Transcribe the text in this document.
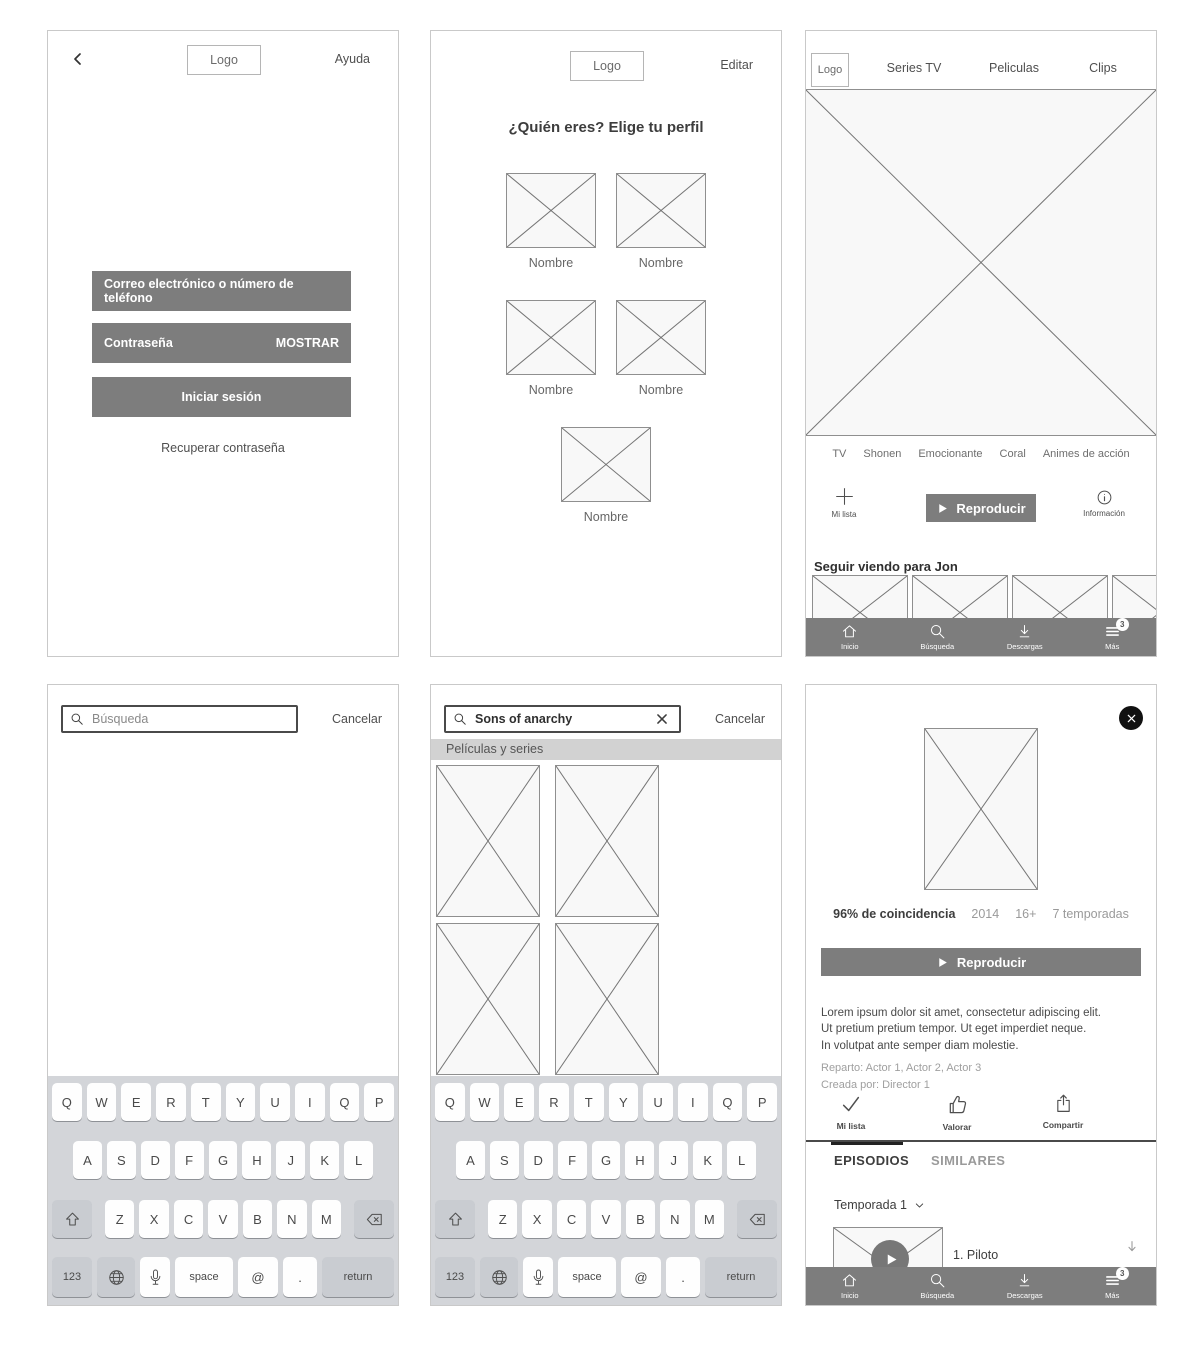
Logo	Ayuda
Correo electrónico o número de teléfono
Contraseña	MOSTRAR
Iniciar sesión
Recuperar contraseña
Logo	Editar
¿Quién eres? Elige tu perfil
Nombre	Nombre
Nombre	Nombre
Nombre
Logo	Series TV	Peliculas	Clips
TV Shonen Emocionante Coral Animes de acción
Mi lista	Reproducir	Información
Seguir viendo para Jon
Inicio	Búsqueda	Descargas
3
Más
Búsqueda	Cancelar
Q	W	E	R	T	Y	U	I	Q	P
A	S	D	F	G	H	J	K	L
Z	X	C	V	B	N	M
123	space	@	.	return
Sons of anarchy	Cancelar
Películas y series
Q	W	E	R	T	Y	U	I	Q	P
A	S	D	F	G	H	J	K	L
Z	X	C	V	B	N	M
123	space	@	.	return
96% de coincidencia 2014 16+ 7 temporadas
Reproducir
Lorem ipsum dolor sit amet, consectetur adipiscing elit.
Ut pretium pretium tempor. Ut eget imperdiet neque.
In volutpat ante semper diam molestie.
Reparto: Actor 1, Actor 2, Actor 3
Creada por: Director 1
Mi lista	Valorar	Compartir
EPISODIOS SIMILARES
Temporada 1
1. Piloto
Inicio	Búsqueda	Descargas
3
Más
